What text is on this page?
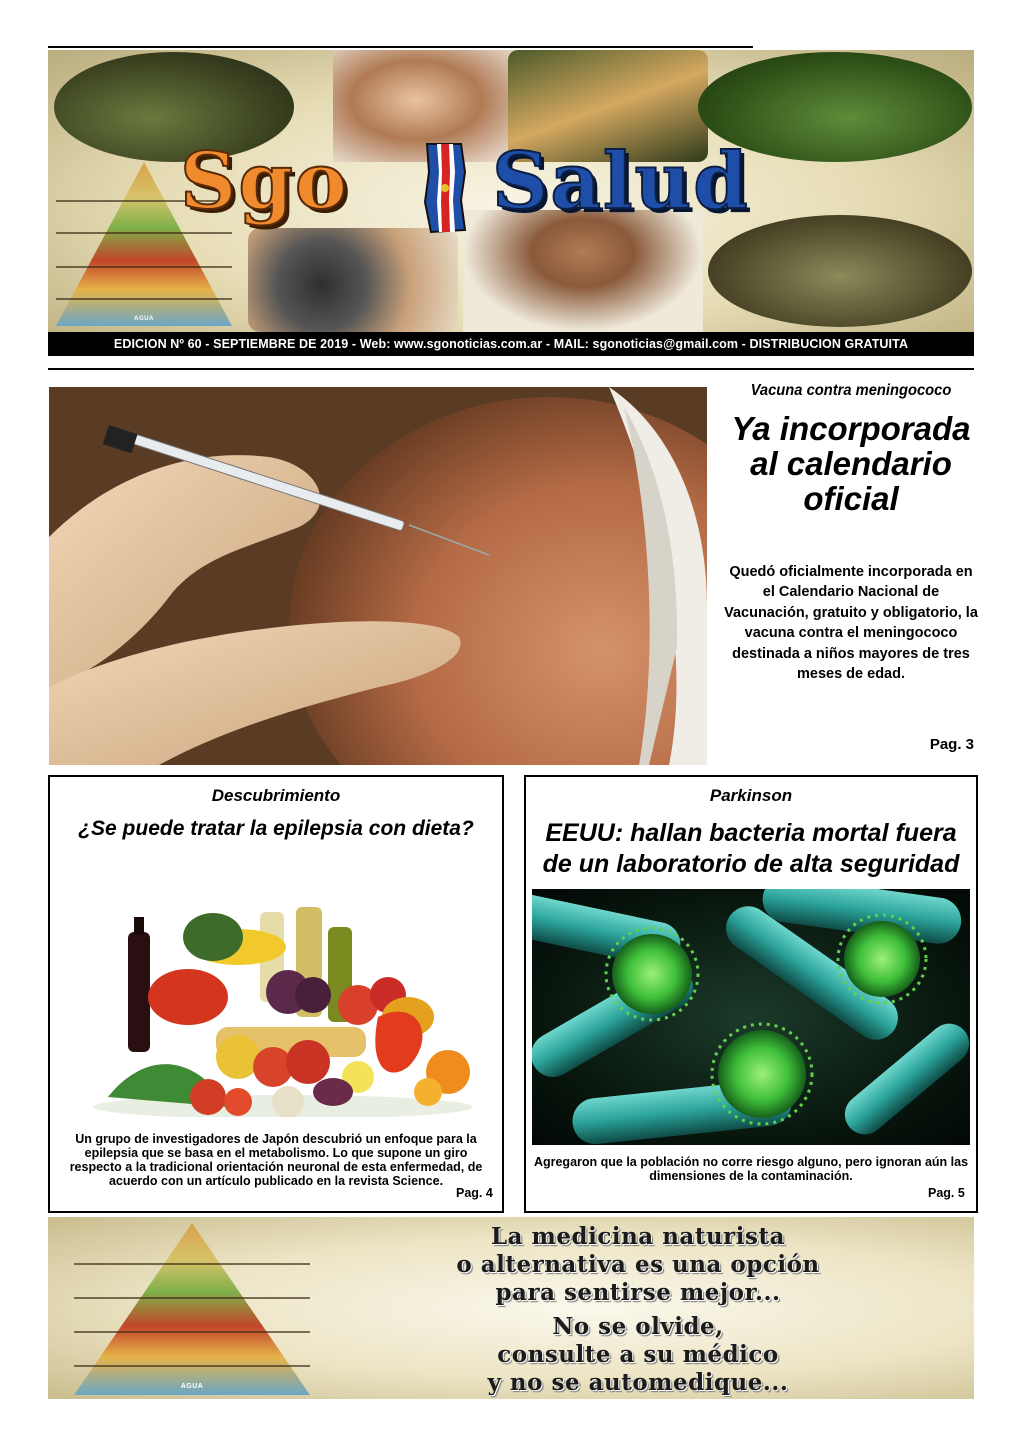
AGUA
Sgo Salud
EDICION Nº 60 - SEPTIEMBRE DE 2019 - Web: www.sgonoticias.com.ar - MAIL: sgonoticias@gmail.com - DISTRIBUCION GRATUITA
Vacuna contra meningococo
Ya incorporada al calendario oficial
Quedó oficialmente incorporada en el Calendario Nacional de Vacunación, gratuito y obligatorio, la vacuna contra el meningococo destinada a niños mayores de tres meses de edad.
Pag. 3
Descubrimiento
¿Se puede tratar la epilepsia con dieta?
Un grupo de investigadores de Japón descubrió un enfoque para la epilepsia que se basa en el metabolismo. Lo que supone un giro respecto a la tradicional orientación neuronal de esta enfermedad, de acuerdo con un artículo publicado en la revista Science.
Pag. 4
Parkinson
EEUU: hallan bacteria mortal fuera de un laboratorio de alta seguridad
Agregaron que la población no corre riesgo alguno, pero ignoran aún las dimensiones de la contaminación.
Pag. 5
AGUA
La medicina naturista
o alternativa es una opción
para sentirse mejor...
No se olvide,
consulte a su médico
y no se automedique...
